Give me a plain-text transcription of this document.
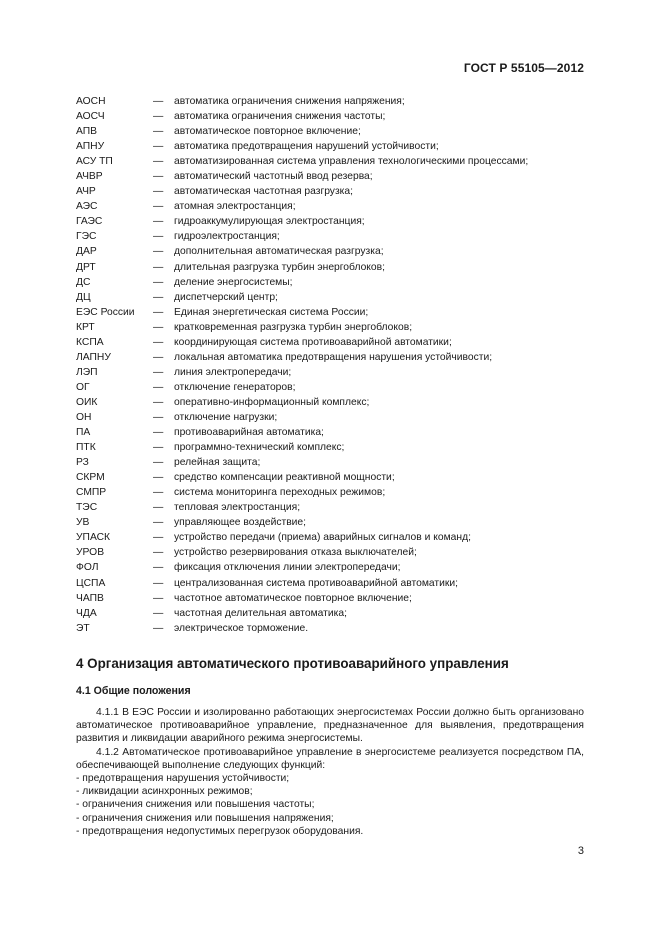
ГОСТ Р 55105—2012
АОСН	—	автоматика ограничения снижения напряжения;
АОСЧ	—	автоматика ограничения снижения частоты;
АПВ	—	автоматическое повторное включение;
АПНУ	—	автоматика предотвращения нарушений устойчивости;
АСУ ТП	—	автоматизированная система управления технологическими процессами;
АЧВР	—	автоматический частотный ввод резерва;
АЧР	—	автоматическая частотная разгрузка;
АЭС	—	атомная электростанция;
ГАЭС	—	гидроаккумулирующая электростанция;
ГЭС	—	гидроэлектростанция;
ДАР	—	дополнительная автоматическая разгрузка;
ДРТ	—	длительная разгрузка турбин энергоблоков;
ДС	—	деление энергосистемы;
ДЦ	—	диспетчерский центр;
ЕЭС России	—	Единая энергетическая система России;
КРТ	—	кратковременная разгрузка турбин энергоблоков;
КСПА	—	координирующая система противоаварийной автоматики;
ЛАПНУ	—	локальная автоматика предотвращения нарушения устойчивости;
ЛЭП	—	линия электропередачи;
ОГ	—	отключение генераторов;
ОИК	—	оперативно-информационный комплекс;
ОН	—	отключение нагрузки;
ПА	—	противоаварийная автоматика;
ПТК	—	программно-технический комплекс;
РЗ	—	релейная защита;
СКРМ	—	средство компенсации реактивной мощности;
СМПР	—	система мониторинга переходных режимов;
ТЭС	—	тепловая электростанция;
УВ	—	управляющее воздействие;
УПАСК	—	устройство передачи (приема) аварийных сигналов и команд;
УРОВ	—	устройство резервирования отказа выключателей;
ФОЛ	—	фиксация отключения линии электропередачи;
ЦСПА	—	централизованная система противоаварийной автоматики;
ЧАПВ	—	частотное автоматическое повторное включение;
ЧДА	—	частотная делительная автоматика;
ЭТ	—	электрическое торможение.
4 Организация автоматического противоаварийного управления
4.1 Общие положения

4.1.1 В ЕЭС России и изолированно работающих энергосистемах России должно быть организовано автоматическое противоаварийное управление, предназначенное для выявления, предотвращения развития и ликвидации аварийного режима энергосистемы.

4.1.2 Автоматическое противоаварийное управление в энергосистеме реализуется посредством ПА, обеспечивающей выполнение следующих функций:

- предотвращения нарушения устойчивости;

- ликвидации асинхронных режимов;

- ограничения снижения или повышения частоты;

- ограничения снижения или повышения напряжения;

- предотвращения недопустимых перегрузок оборудования.

3
